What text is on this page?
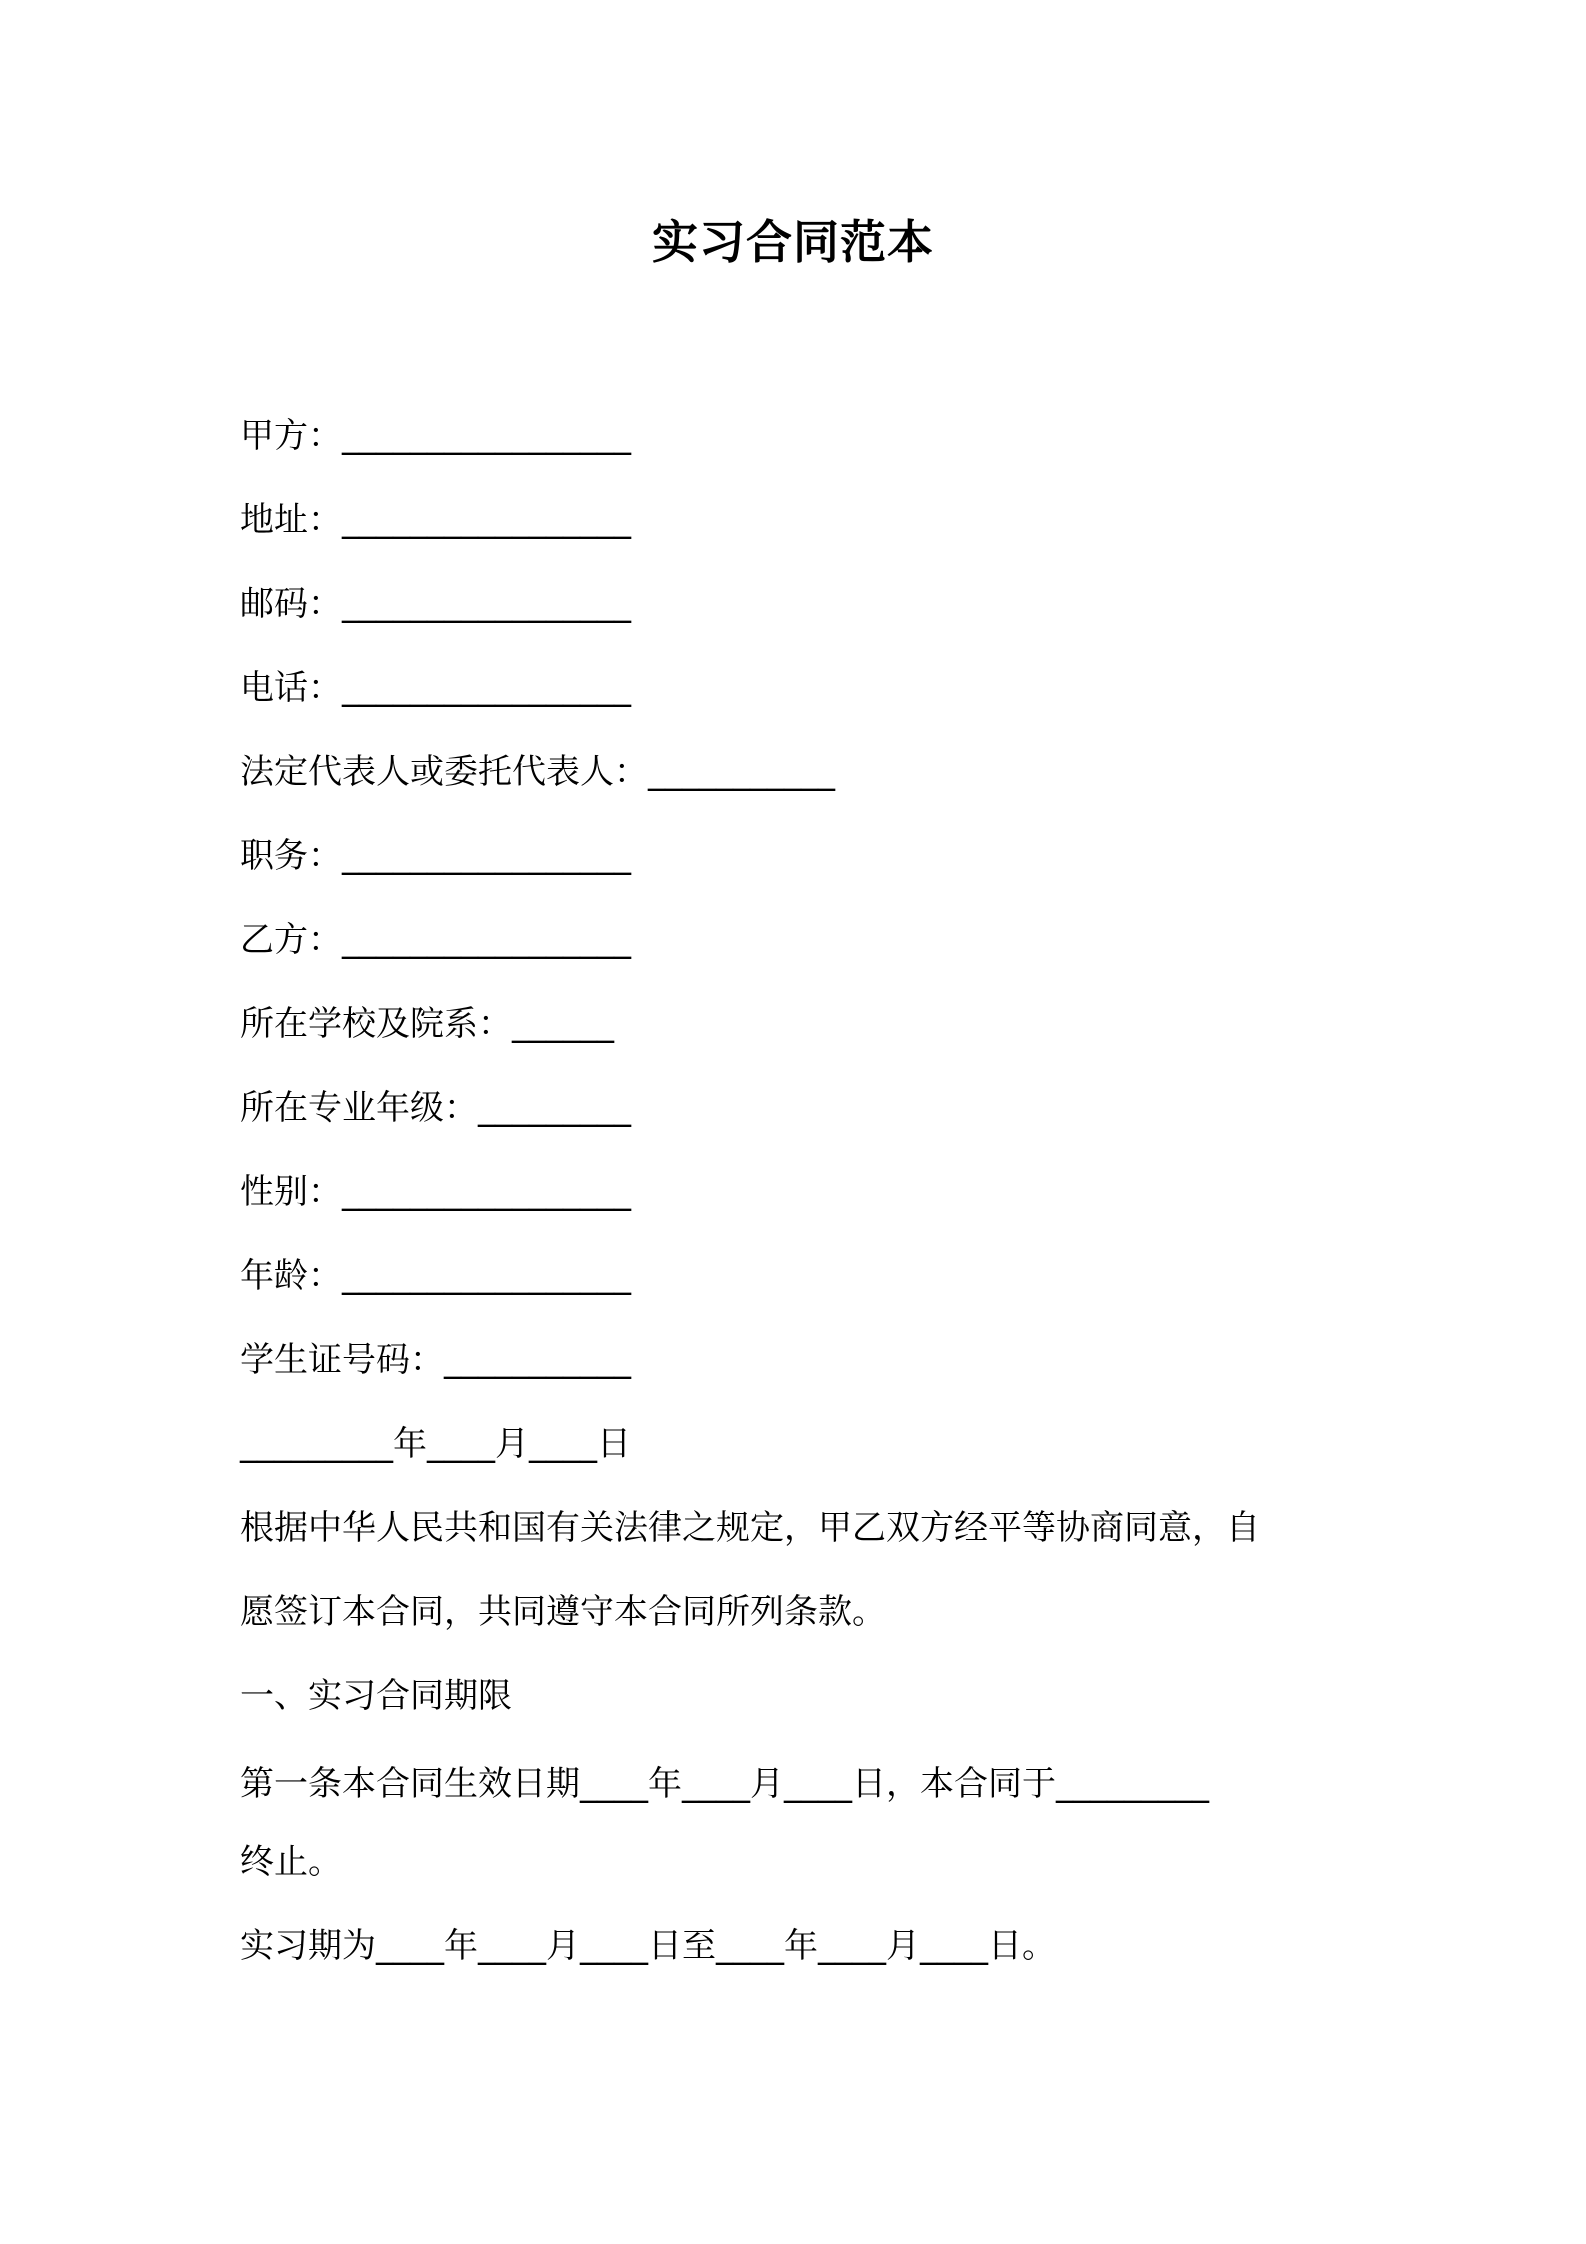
实习合同范本

甲方：_________________

地址：_________________

邮码：_________________

电话：_________________

法定代表人或委托代表人：___________

职务：_________________

乙方：_________________

所在学校及院系：______

所在专业年级：_________

性别：_________________

年龄：_________________

学生证号码：___________

_________年____月____日

根据中华人民共和国有关法律之规定，甲乙双方经平等协商同意，自

愿签订本合同，共同遵守本合同所列条款。

一、实习合同期限

第一条本合同生效日期____年____月____日，本合同于_________

终止。

实习期为____年____月____日至____年____月____日。
